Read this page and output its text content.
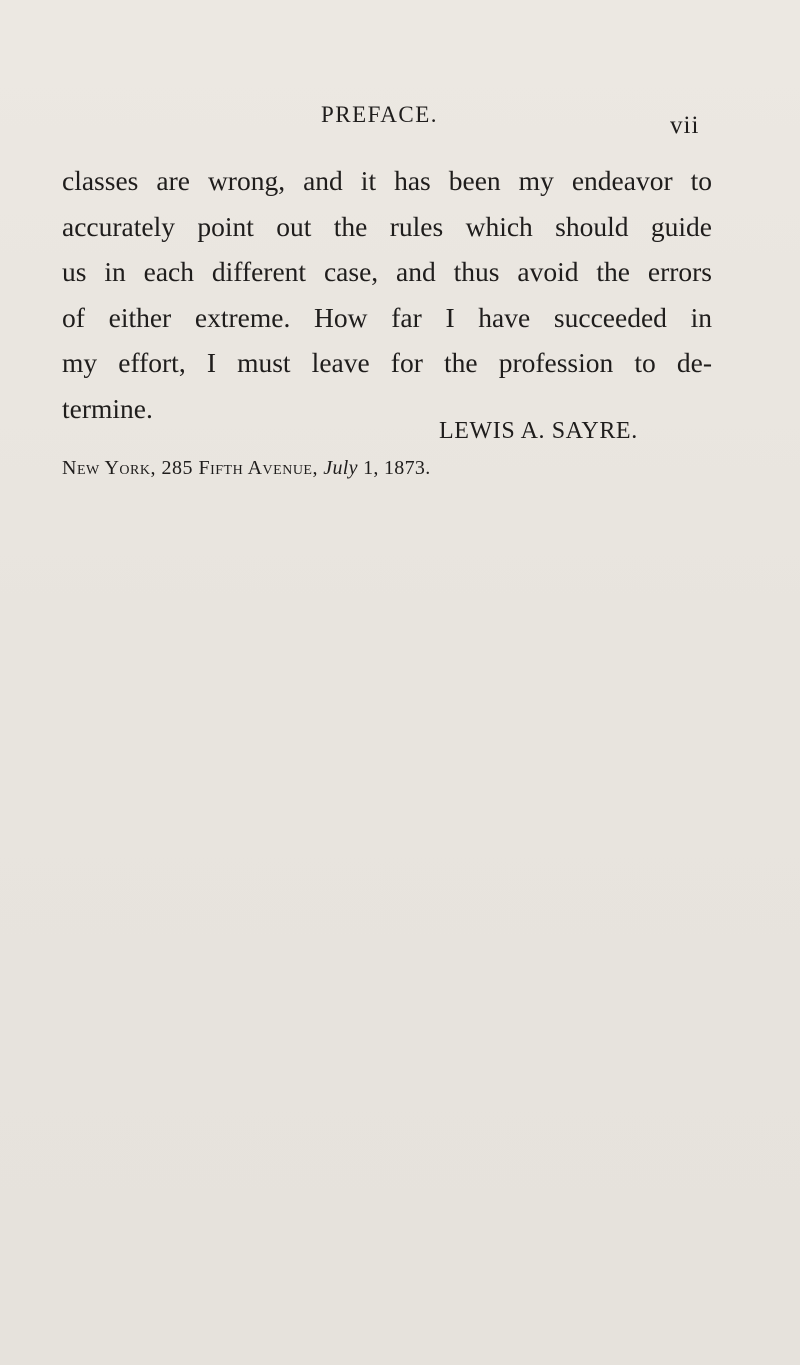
PREFACE.	vii
classes are wrong, and it has been my endeavor to
accurately point out the rules which should guide
us in each different case, and thus avoid the errors
of either extreme. How far I have succeeded in
my effort, I must leave for the profession to de-
termine.
LEWIS A. SAYRE.
New York, 285 Fifth Avenue, July 1, 1873.
